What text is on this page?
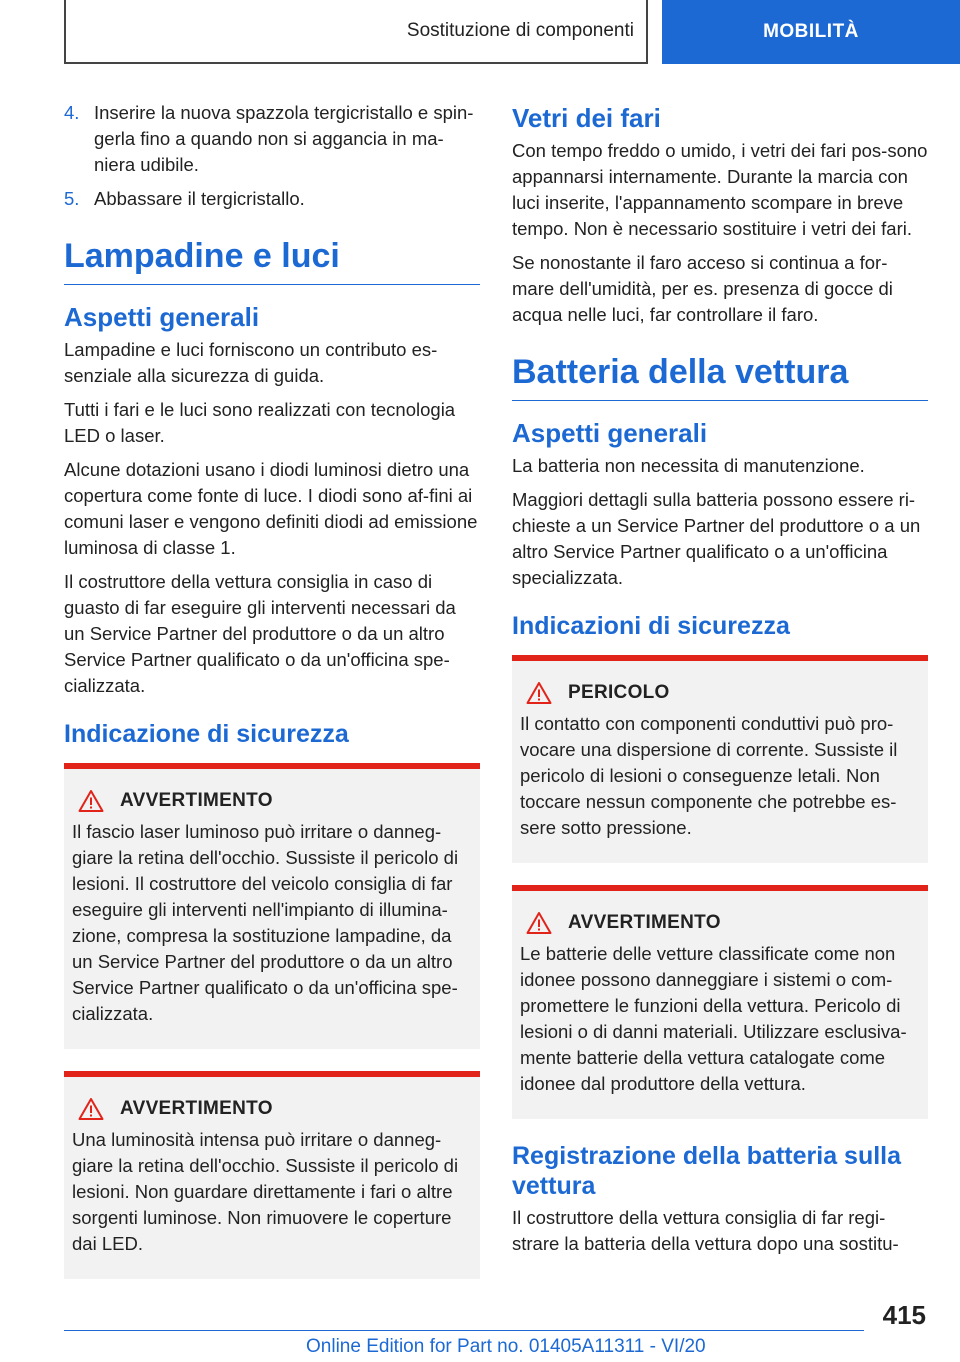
Sostituzione di componenti	MOBILITÀ
4. Inserire la nuova spazzola tergicristallo e spin-gerla fino a quando non si aggancia in ma-niera udibile.
5. Abbassare il tergicristallo.
Lampadine e luci
Aspetti generali

Lampadine e luci forniscono un contributo es-senziale alla sicurezza di guida.

Tutti i fari e le luci sono realizzati con tecnologia LED o laser.

Alcune dotazioni usano i diodi luminosi dietro una copertura come fonte di luce. I diodi sono af-fini ai comuni laser e vengono definiti diodi ad emissione luminosa di classe 1.

Il costruttore della vettura consiglia in caso di guasto di far eseguire gli interventi necessari da un Service Partner del produttore o da un altro Service Partner qualificato o da un'officina spe-cializzata.

Indicazione di sicurezza
AVVERTIMENTO

Il fascio laser luminoso può irritare o danneg-giare la retina dell'occhio. Sussiste il pericolo di lesioni. Il costruttore del veicolo consiglia di far eseguire gli interventi nell'impianto di illumina-zione, compresa la sostituzione lampadine, da un Service Partner del produttore o da un altro Service Partner qualificato o da un'officina spe-cializzata.

AVVERTIMENTO

Una luminosità intensa può irritare o danneg-giare la retina dell'occhio. Sussiste il pericolo di lesioni. Non guardare direttamente i fari o altre sorgenti luminose. Non rimuovere le coperture dai LED.

Vetri dei fari

Con tempo freddo o umido, i vetri dei fari pos-sono appannarsi internamente. Durante la marcia con luci inserite, l'appannamento scompare in breve tempo. Non è necessario sostituire i vetri dei fari.

Se nonostante il faro acceso si continua a for-mare dell'umidità, per es. presenza di gocce di acqua nelle luci, far controllare il faro.

Batteria della vettura
Aspetti generali

La batteria non necessita di manutenzione.

Maggiori dettagli sulla batteria possono essere ri-chieste a un Service Partner del produttore o a un altro Service Partner qualificato o a un'officina specializzata.

Indicazioni di sicurezza
PERICOLO

Il contatto con componenti conduttivi può pro-vocare una dispersione di corrente. Sussiste il pericolo di lesioni o conseguenze letali. Non toccare nessun componente che potrebbe es-sere sotto pressione.

AVVERTIMENTO

Le batterie delle vetture classificate come non idonee possono danneggiare i sistemi o com-promettere le funzioni della vettura. Pericolo di lesioni o di danni materiali. Utilizzare esclusiva-mente batterie della vettura catalogate come idonee dal produttore della vettura.

Registrazione della batteria sulla vettura

Il costruttore della vettura consiglia di far regi-strare la batteria della vettura dopo una sostitu-

415
Online Edition for Part no. 01405A11311 - VI/20
